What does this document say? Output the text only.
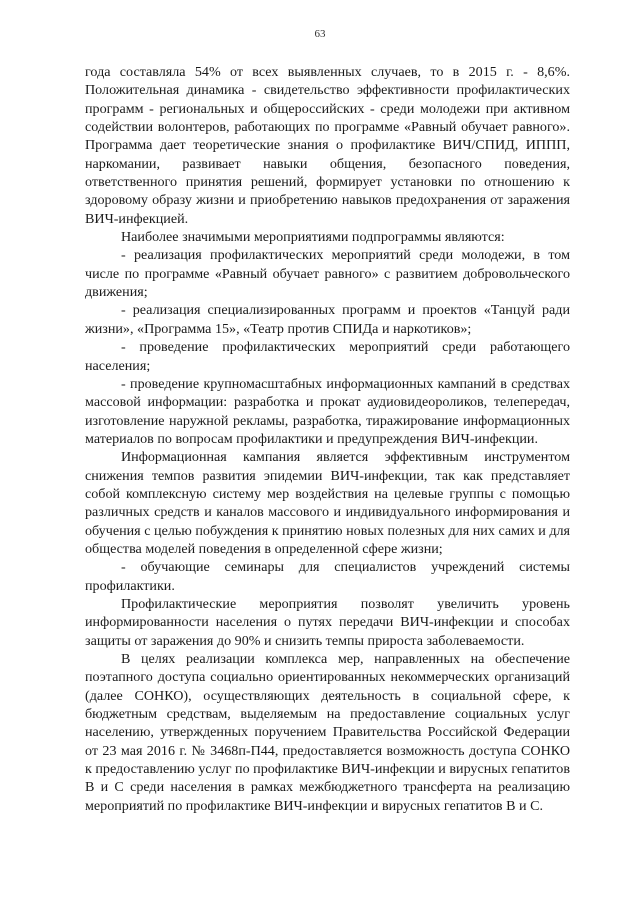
63

года составляла 54% от всех выявленных случаев, то в 2015 г. - 8,6%. Положительная динамика - свидетельство эффективности профилактических программ - региональных и общероссийских - среди молодежи при активном содействии волонтеров, работающих по программе «Равный обучает равного». Программа дает теоретические знания о профилактике ВИЧ/СПИД, ИППП, наркомании, развивает навыки общения, безопасного поведения, ответственного принятия решений, формирует установки по отношению к здоровому образу жизни и приобретению навыков предохранения от заражения ВИЧ-инфекцией.

Наиболее значимыми мероприятиями подпрограммы являются:

- реализация профилактических мероприятий среди молодежи, в том числе по программе «Равный обучает равного» с развитием добровольческого движения;

- реализация специализированных программ и проектов «Танцуй ради жизни», «Программа 15», «Театр против СПИДа и наркотиков»;

- проведение профилактических мероприятий среди работающего населения;

- проведение крупномасштабных информационных кампаний в средствах массовой информации: разработка и прокат аудиовидеороликов, телепередач, изготовление наружной рекламы, разработка, тиражирование информационных материалов по вопросам профилактики и предупреждения ВИЧ-инфекции.

Информационная кампания является эффективным инструментом снижения темпов развития эпидемии ВИЧ-инфекции, так как представляет собой комплексную систему мер воздействия на целевые группы с помощью различных средств и каналов массового и индивидуального информирования и обучения с целью побуждения к принятию новых полезных для них самих и для общества моделей поведения в определенной сфере жизни;

- обучающие семинары для специалистов учреждений системы профилактики.

Профилактические мероприятия позволят увеличить уровень информированности населения о путях передачи ВИЧ-инфекции и способах защиты от заражения до 90% и снизить темпы прироста заболеваемости.

В целях реализации комплекса мер, направленных на обеспечение поэтапного доступа социально ориентированных некоммерческих организаций (далее СОНКО), осуществляющих деятельность в социальной сфере, к бюджетным средствам, выделяемым на предоставление социальных услуг населению, утвержденных поручением Правительства Российской Федерации от 23 мая 2016 г. № 3468п-П44, предоставляется возможность доступа СОНКО к предоставлению услуг по профилактике ВИЧ-инфекции и вирусных гепатитов В и С среди населения в рамках межбюджетного трансферта на реализацию мероприятий по профилактике ВИЧ-инфекции и вирусных гепатитов В и С.
